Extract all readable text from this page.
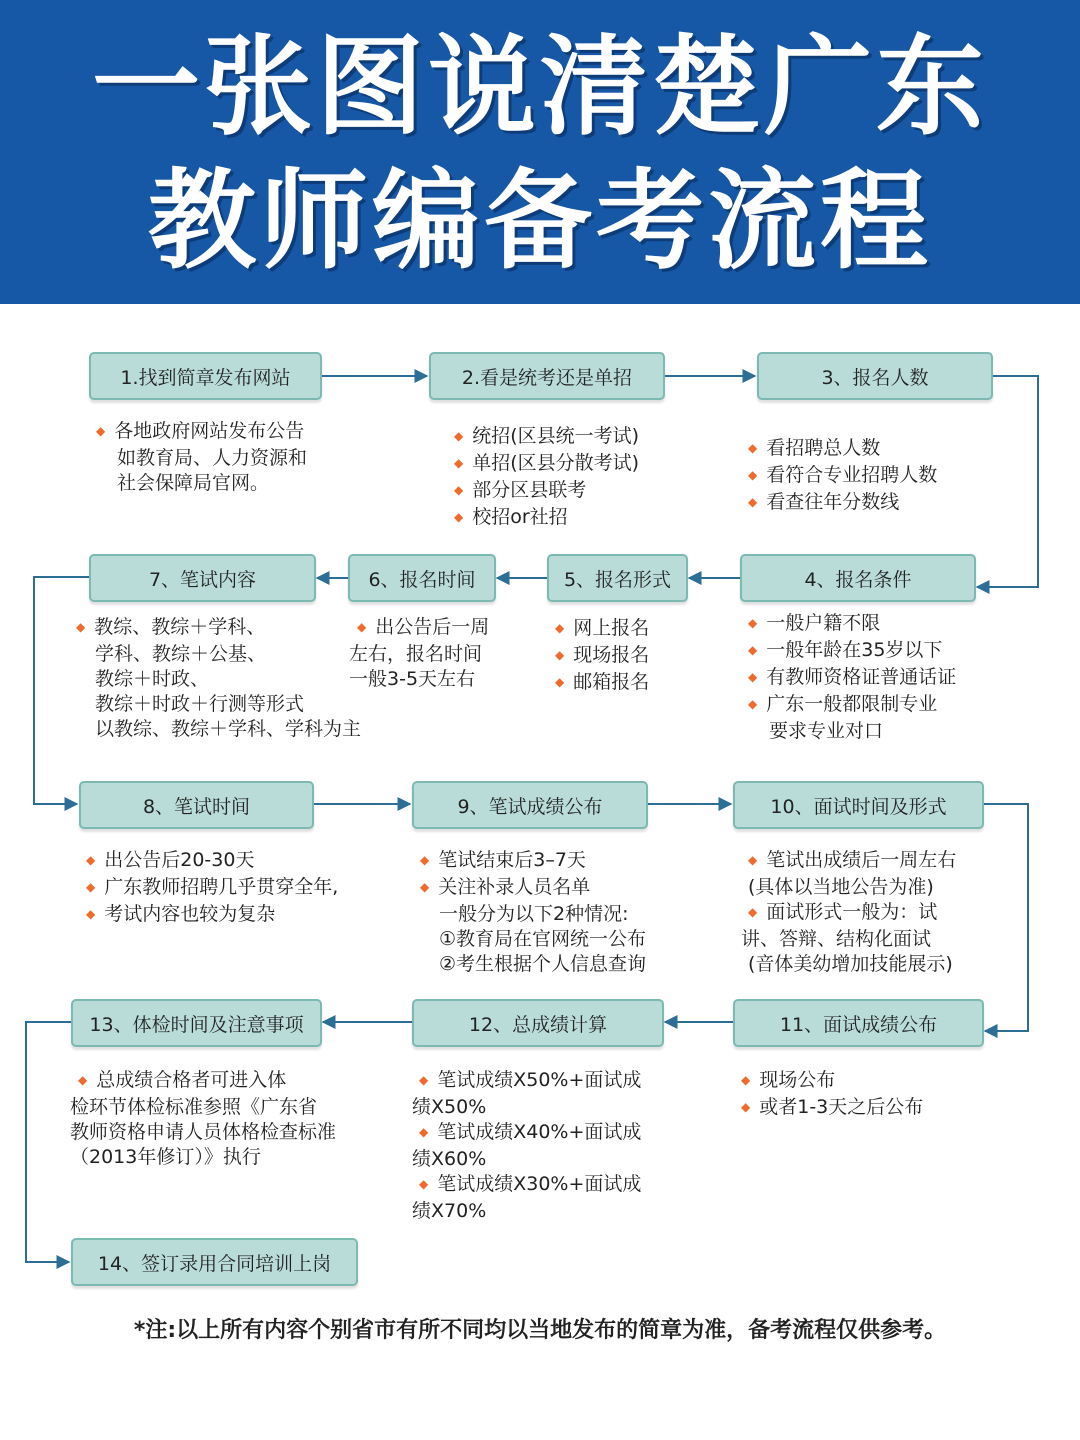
一张图说清楚广东
教师编备考流程
1.找到简章发布网站	2.看是统考还是单招	3、报名人数
4、报名条件
5、报名形式
6、报名时间
7、笔试内容
8、笔试时间	9、笔试成绩公布	10、面试时间及形式
11、面试成绩公布
12、总成绩计算
13、体检时间及注意事项
14、签订录用合同培训上岗
◆ 各地政府网站发布公告
如教育局、人力资源和
社会保障局官网。
◆ 统招(区县统一考试)
◆ 单招(区县分散考试)
◆ 部分区县联考
◆ 校招or社招
◆ 看招聘总人数
◆ 看符合专业招聘人数
◆ 看查往年分数线
◆ 一般户籍不限
◆ 一般年龄在35岁以下
◆ 有教师资格证普通话证
◆ 广东一般都限制专业
要求专业对口
◆ 网上报名
◆ 现场报名
◆ 邮箱报名
◆ 出公告后一周
左右，报名时间
一般3-5天左右
◆ 教综、教综＋学科、
学科、教综＋公基、
教综＋时政、
教综＋时政＋行测等形式
以教综、教综＋学科、学科为主
◆ 出公告后20-30天
◆ 广东教师招聘几乎贯穿全年,
◆ 考试内容也较为复杂
◆ 笔试结束后3–7天
◆ 关注补录人员名单
一般分为以下2种情况:
①教育局在官网统一公布
②考生根据个人信息查询
◆ 笔试出成绩后一周左右
(具体以当地公告为准)
◆ 面试形式一般为：试
讲、答辩、结构化面试
(音体美幼增加技能展示)
◆ 现场公布
◆ 或者1-3天之后公布
◆ 笔试成绩X50%+面试成
绩X50%
◆ 笔试成绩X40%+面试成
绩X60%
◆ 笔试成绩X30%+面试成
绩X70%
◆ 总成绩合格者可进入体
检环节体检标准参照《广东省
教师资格申请人员体格检查标准
（2013年修订）》执行
*注:以上所有内容个别省市有所不同均以当地发布的简章为准，备考流程仅供参考。
